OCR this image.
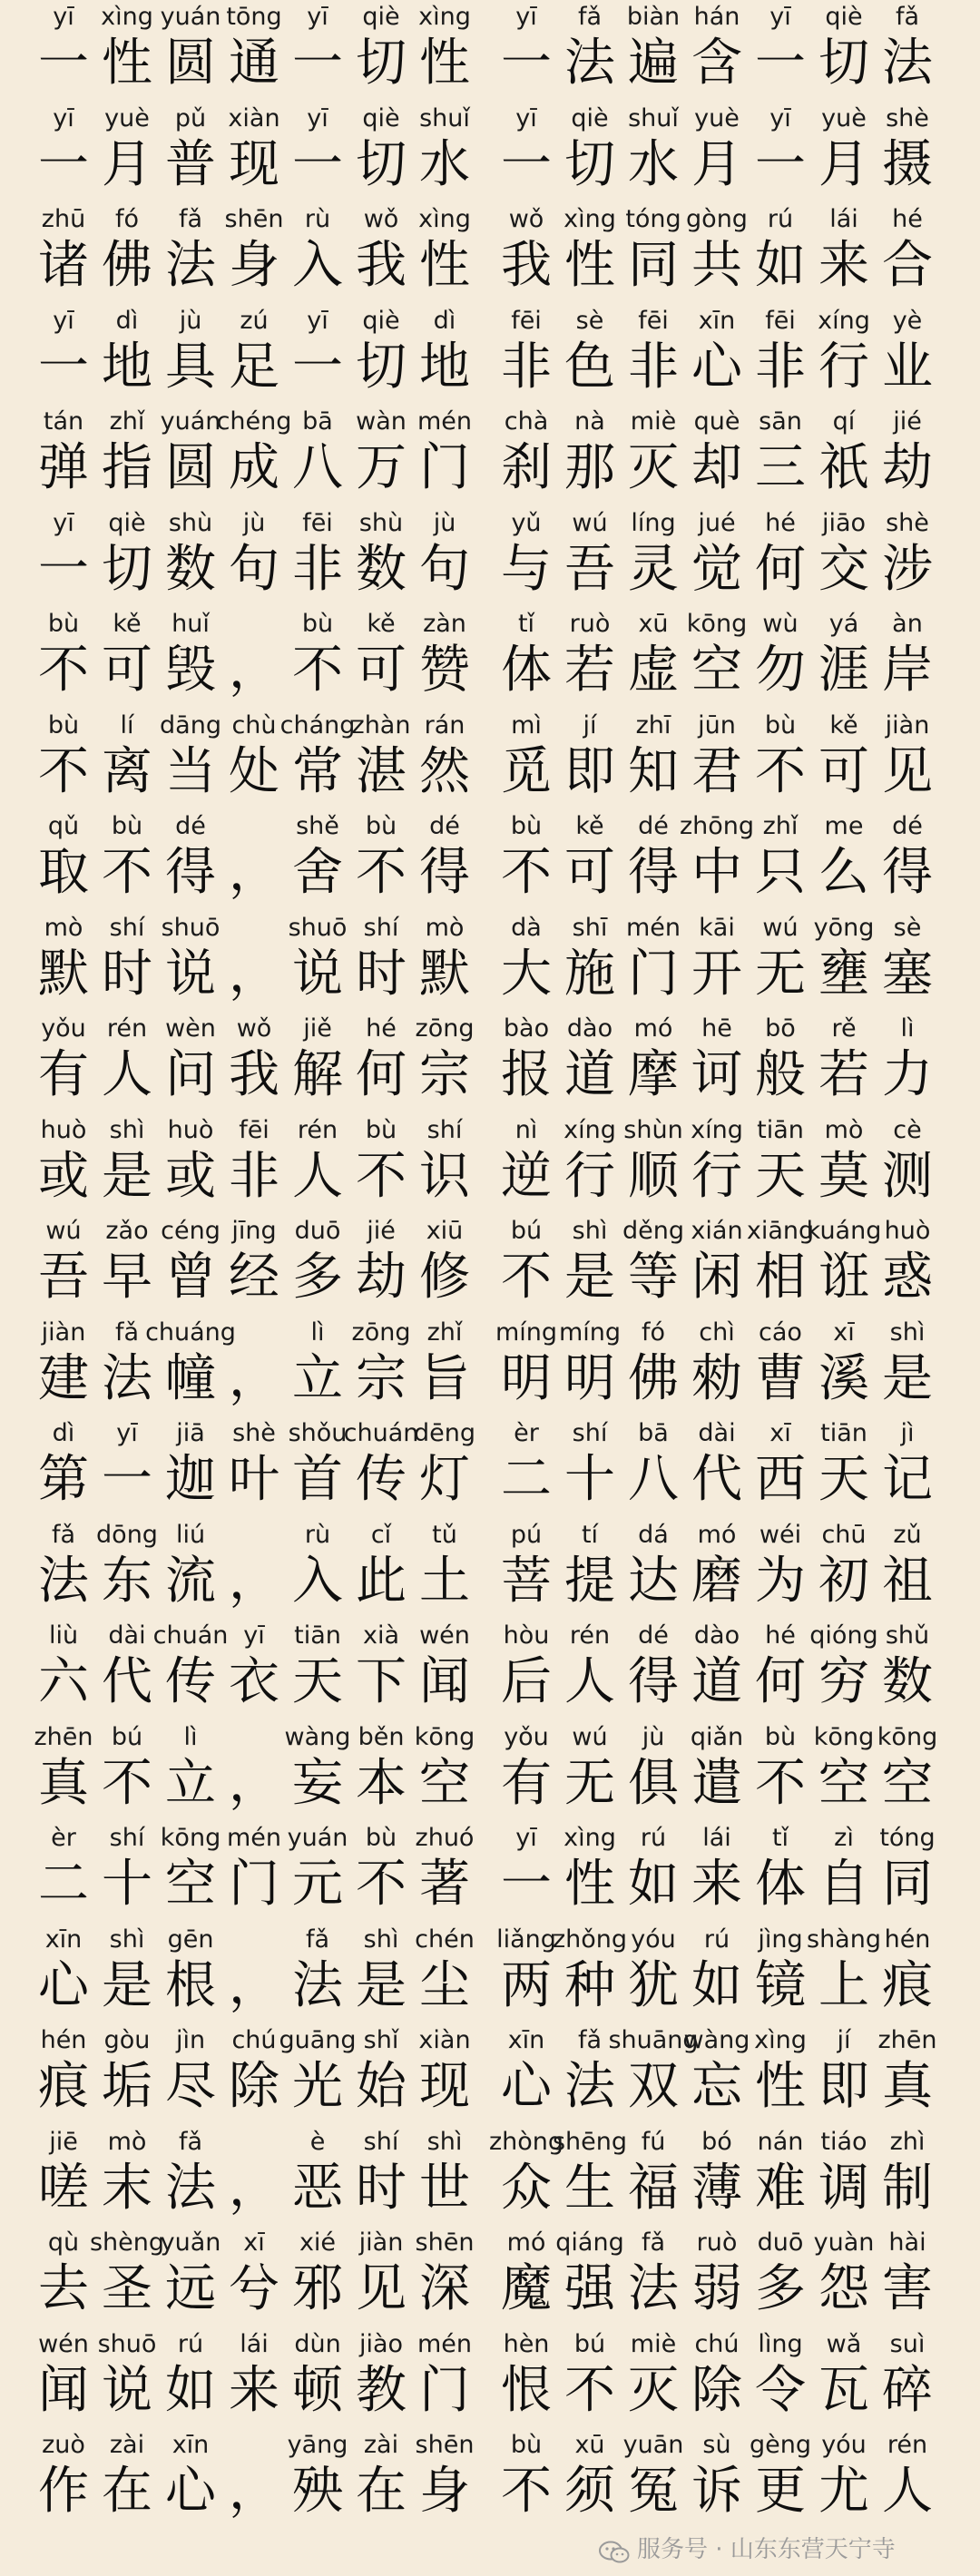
yī
一
xìng
性
yuán
圆
tōng
通
yī
一
qiè
切
xìng
性
yī
一
fǎ
法
biàn
遍
hán
含
yī
一
qiè
切
fǎ
法
yī
一
yuè
月
pǔ
普
xiàn
现
yī
一
qiè
切
shuǐ
水
yī
一
qiè
切
shuǐ
水
yuè
月
yī
一
yuè
月
shè
摄
zhū
诸
fó
佛
fǎ
法
shēn
身
rù
入
wǒ
我
xìng
性
wǒ
我
xìng
性
tóng
同
gòng
共
rú
如
lái
来
hé
合
yī
一
dì
地
jù
具
zú
足
yī
一
qiè
切
dì
地
fēi
非
sè
色
fēi
非
xīn
心
fēi
非
xíng
行
yè
业
tán
弹
zhǐ
指
yuán
圆
chéng
成
bā
八
wàn
万
mén
门
chà
刹
nà
那
miè
灭
què
却
sān
三
qí
祇
jié
劫
yī
一
qiè
切
shù
数
jù
句
fēi
非
shù
数
jù
句
yǔ
与
wú
吾
líng
灵
jué
觉
hé
何
jiāo
交
shè
涉
bù
不
kě
可
huǐ
毁 ，
bù
不
kě
可
zàn
赞
tǐ
体
ruò
若
xū
虚
kōng
空
wù
勿
yá
涯
àn
岸
bù
不
lí
离
dāng
当
chù
处
cháng
常
zhàn
湛
rán
然
mì
觅
jí
即
zhī
知
jūn
君
bù
不
kě
可
jiàn
见
qǔ
取
bù
不
dé
得 ，
shě
舍
bù
不
dé
得
bù
不
kě
可
dé
得
zhōng
中
zhǐ
只
me
么
dé
得
mò
默
shí
时
shuō
说 ，
shuō
说
shí
时
mò
默
dà
大
shī
施
mén
门
kāi
开
wú
无
yōng
壅
sè
塞
yǒu
有
rén
人
wèn
问
wǒ
我
jiě
解
hé
何
zōng
宗
bào
报
dào
道
mó
摩
hē
诃
bō
般
rě
若
lì
力
huò
或
shì
是
huò
或
fēi
非
rén
人
bù
不
shí
识
nì
逆
xíng
行
shùn
顺
xíng
行
tiān
天
mò
莫
cè
测
wú
吾
zǎo
早
céng
曾
jīng
经
duō
多
jié
劫
xiū
修
bú
不
shì
是
děng
等
xián
闲
xiāng
相
kuáng
诳
huò
惑
jiàn
建
fǎ
法
chuáng
幢 ，
lì
立
zōng
宗
zhǐ
旨
míng
明
míng
明
fó
佛
chì
勑
cáo
曹
xī
溪
shì
是
dì
第
yī
一
jiā
迦
shè
叶
shǒu
首
chuán
传
dēng
灯
èr
二
shí
十
bā
八
dài
代
xī
西
tiān
天
jì
记
fǎ
法
dōng
东
liú
流 ，
rù
入
cǐ
此
tǔ
土
pú
菩
tí
提
dá
达
mó
磨
wéi
为
chū
初
zǔ
祖
liù
六
dài
代
chuán
传
yī
衣
tiān
天
xià
下
wén
闻
hòu
后
rén
人
dé
得
dào
道
hé
何
qióng
穷
shǔ
数
zhēn
真
bú
不
lì
立 ，
wàng
妄
běn
本
kōng
空
yǒu
有
wú
无
jù
俱
qiǎn
遣
bù
不
kōng
空
kōng
空
èr
二
shí
十
kōng
空
mén
门
yuán
元
bù
不
zhuó
著
yī
一
xìng
性
rú
如
lái
来
tǐ
体
zì
自
tóng
同
xīn
心
shì
是
gēn
根 ，
fǎ
法
shì
是
chén
尘
liǎng
两
zhǒng
种
yóu
犹
rú
如
jìng
镜
shàng
上
hén
痕
hén
痕
gòu
垢
jìn
尽
chú
除
guāng
光
shǐ
始
xiàn
现
xīn
心
fǎ
法
shuāng
双
wàng
忘
xìng
性
jí
即
zhēn
真
jiē
嗟
mò
末
fǎ
法 ，
è
恶
shí
时
shì
世
zhòng
众
shēng
生
fú
福
bó
薄
nán
难
tiáo
调
zhì
制
qù
去
shèng
圣
yuǎn
远
xī
兮
xié
邪
jiàn
见
shēn
深
mó
魔
qiáng
强
fǎ
法
ruò
弱
duō
多
yuàn
怨
hài
害
wén
闻
shuō
说
rú
如
lái
来
dùn
顿
jiào
教
mén
门
hèn
恨
bú
不
miè
灭
chú
除
lìng
令
wǎ
瓦
suì
碎
zuò
作
zài
在
xīn
心 ，
yāng
殃
zài
在
shēn
身
bù
不
xū
须
yuān
冤
sù
诉
gèng
更
yóu
尤
rén
人
服务号 · 山东东营天宁寺
